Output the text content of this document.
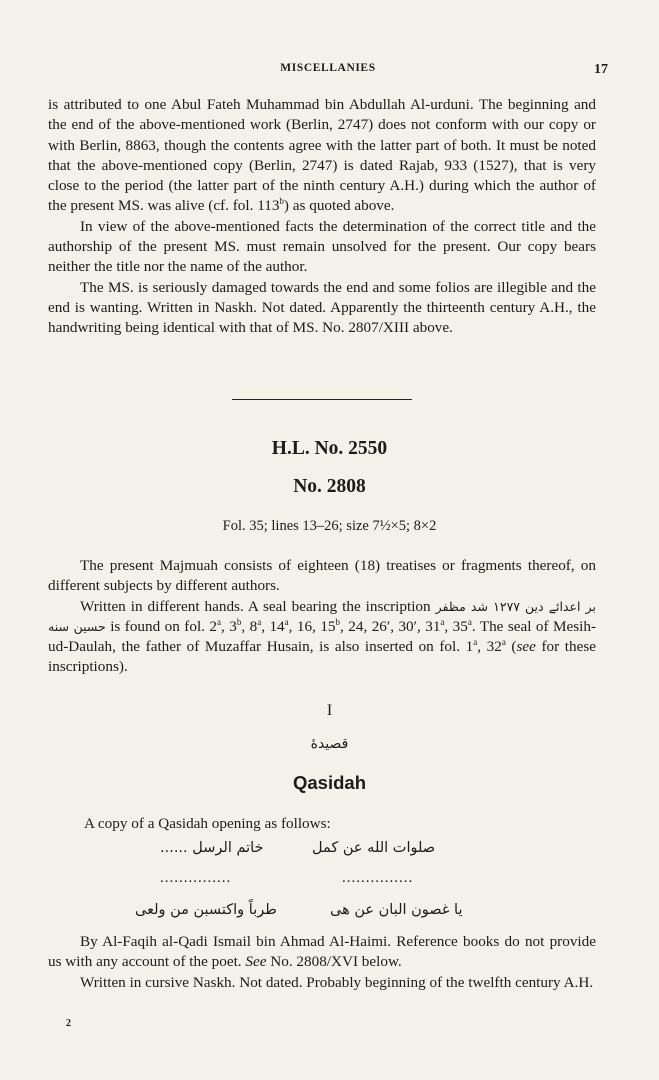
MISCELLANIES	17

is attributed to one Abul Fateh Muhammad bin Abdullah Al-urduni. The beginning and the end of the above-mentioned work (Berlin, 2747) does not conform with our copy or with Berlin, 8863, though the contents agree with the latter part of both. It must be noted that the above-mentioned copy (Berlin, 2747) is dated Rajab, 933 (1527), that is very close to the period (the latter part of the ninth century A.H.) during which the author of the present MS. was alive (cf. fol. 113$^b$) as quoted above.

In view of the above-mentioned facts the determination of the correct title and the authorship of the present MS. must remain unsolved for the present. Our copy bears neither the title nor the name of the author.

The MS. is seriously damaged towards the end and some folios are illegible and the end is wanting. Written in Naskh. Not dated. Apparently the thirteenth century A.H., the handwriting being identical with that of MS. No. 2807/XIII above.

H.L. No. 2550
No. 2808
Fol. 35; lines 13–26; size 7½×5; 8×2

The present Majmuah consists of eighteen (18) treatises or fragments thereof, on different subjects by different authors.

Written in different hands. A seal bearing the inscription	بر اعدائے دین ۱۲۷۷ شد مظفر حسین سنه is found on fol. 2$^a$, 3$^b$, 8$^a$, 14$^a$, 16, 15$^b$, 24, 26′, 30′, 31$^a$, 35$^a$. The seal of Mesih-ud-Daulah, the father of Muzaffar Husain, is also inserted on fol. 1$^a$, 32$^a$ (see for these inscriptions).

I
قصیدهٔ
Qasidah
A copy of a Qasidah opening as follows:
صلوات الله عن كمل
خاتم الرسل ......
...............
...............
يا غصون البان عن هى
طرباً واكتسبن من ولعى

By Al-Faqih al-Qadi Ismail bin Ahmad Al-Haimi. Reference books do not provide us with any account of the poet. See No. 2808/XVI below.

Written in cursive Naskh. Not dated. Probably beginning of the twelfth century A.H.

2
